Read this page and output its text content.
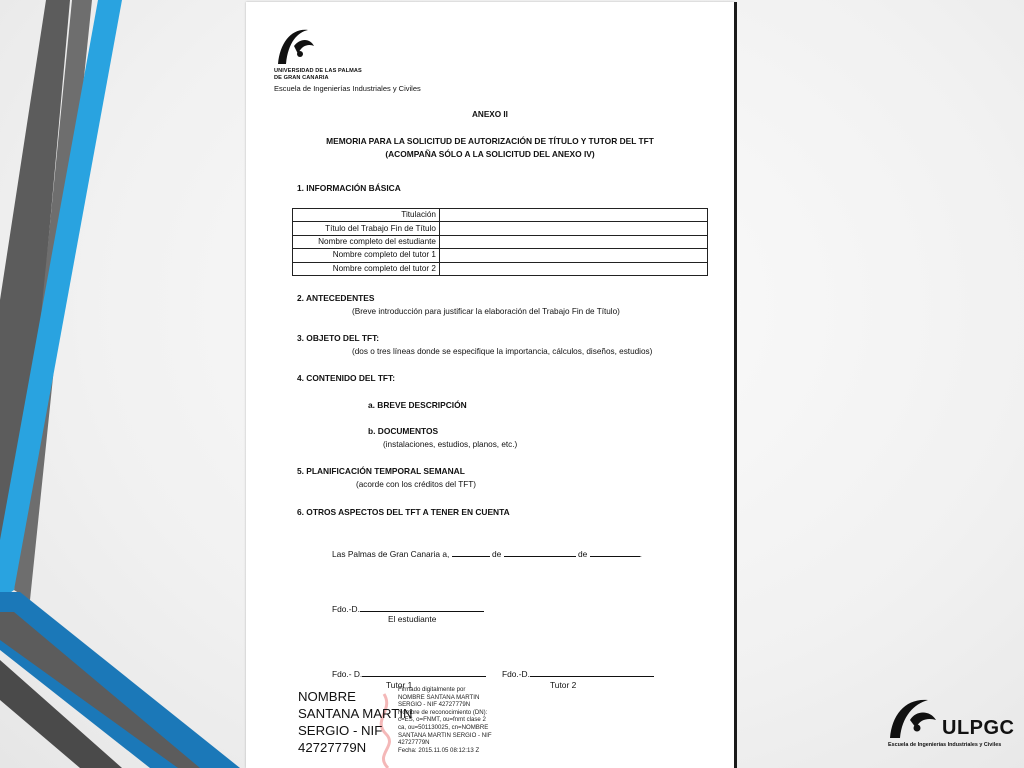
UNIVERSIDAD DE LAS PALMAS
DE GRAN CANARIA
Escuela de Ingenierías Industriales y Civiles
ANEXO II
MEMORIA PARA LA SOLICITUD DE AUTORIZACIÓN DE TÍTULO Y TUTOR DEL TFT
(ACOMPAÑA SÓLO A LA SOLICITUD DEL ANEXO IV)
1. INFORMACIÓN BÁSICA
Titulación	
Título del Trabajo Fin de Título	
Nombre completo del estudiante	
Nombre completo del tutor 1	
Nombre completo del tutor 2	
2. ANTECEDENTES
(Breve introducción para justificar la elaboración del Trabajo Fin de Título)
3. OBJETO DEL TFT:
(dos o tres líneas donde se especifique la importancia, cálculos, diseños, estudios)
4. CONTENIDO DEL TFT:
a. BREVE DESCRIPCIÓN
b. DOCUMENTOS
(instalaciones, estudios, planos, etc.)
5. PLANIFICACIÓN TEMPORAL SEMANAL
(acorde con los créditos del TFT)
6. OTROS ASPECTOS DEL TFT A TENER EN CUENTA
Las Palmas de Gran Canaria a,	de	de	.
Fdo.-D.
El estudiante
Fdo.- D.
Tutor 1
Fdo.-D.
Tutor 2
NOMBRE SANTANA MARTIN SERGIO - NIF 42727779N
Firmado digitalmente por
NOMBRE SANTANA MARTIN
SERGIO - NIF 42727779N
Nombre de reconocimiento (DN):
c=ES, o=FNMT, ou=fnmt clase 2
ca, ou=501130025, cn=NOMBRE
SANTANA MARTIN SERGIO - NIF
42727779N
Fecha: 2015.11.05 08:12:13 Z
ULPGC
Escuela de Ingenierías Industriales y Civiles
